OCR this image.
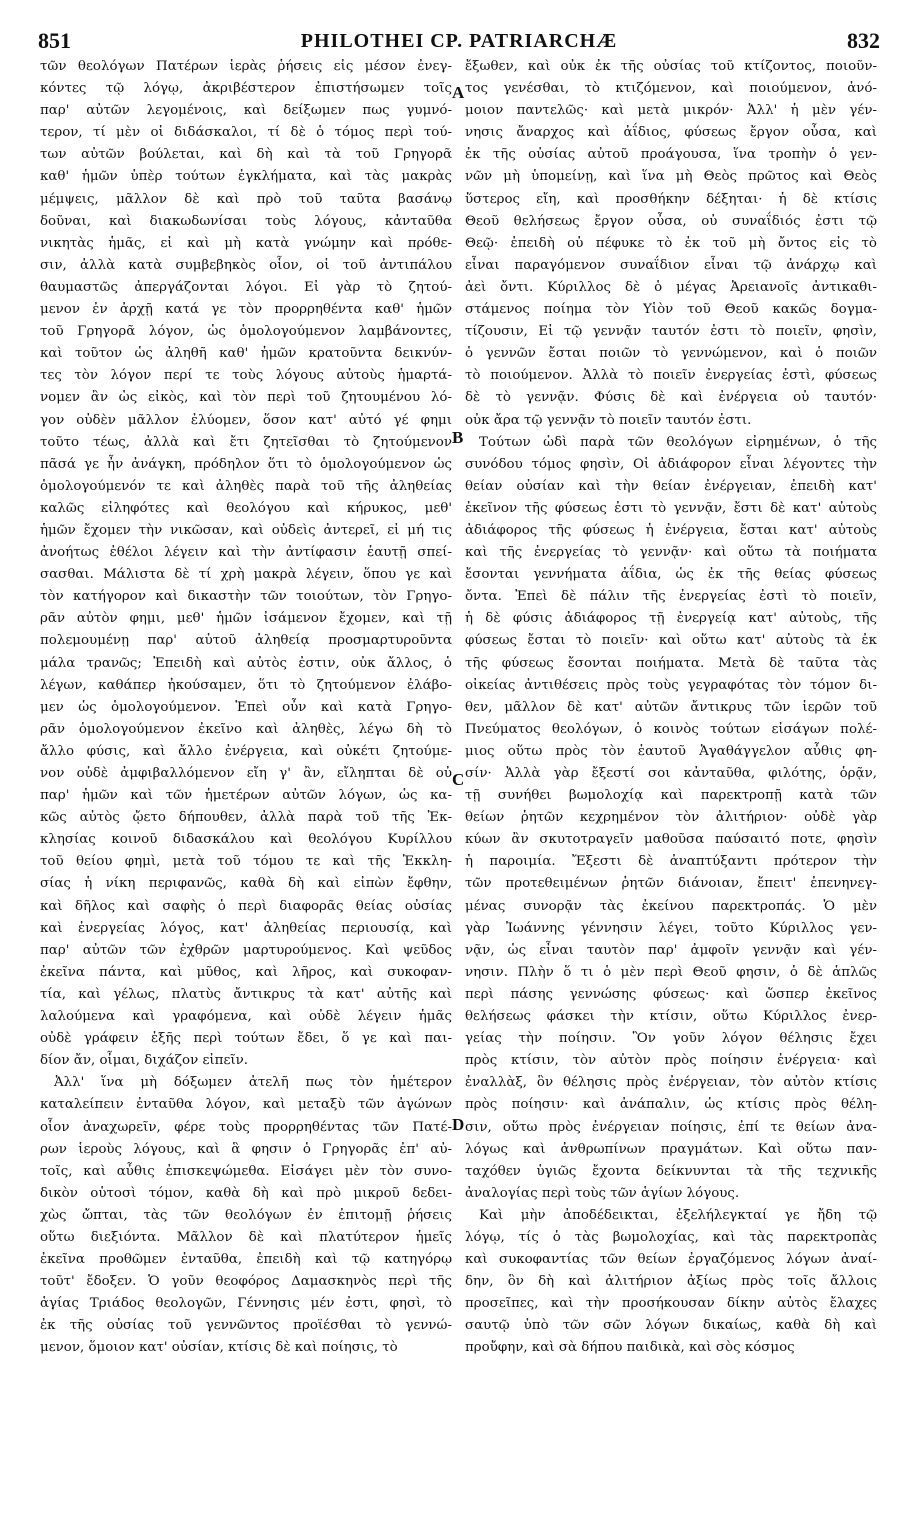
851	PHILOTHEI CP. PATRIARCHÆ	832
τῶν θεολόγων Πατέρων ἱερὰς ῥήσεις εἰς μέσον ἐνεγ-
κόντες τῷ λόγῳ, ἀκριβέστερον ἐπιστήσωμεν τοῖς
παρ' αὐτῶν λεγομένοις, καὶ δείξωμεν πως γυμνό-
τερον, τί μὲν οἱ διδάσκαλοι, τί δὲ ὁ τόμος περὶ τού-
των αὐτῶν βούλεται, καὶ δὴ καὶ τὰ τοῦ Γρηγορᾶ
καθ' ἡμῶν ὑπὲρ τούτων ἐγκλήματα, καὶ τὰς μακρὰς
μέμψεις, μᾶλλον δὲ καὶ πρὸ τοῦ ταῦτα βασάνῳ
δοῦναι, καὶ διακωδωνίσαι τοὺς λόγους, κἀνταῦθα
νικητὰς ἡμᾶς, εἰ καὶ μὴ κατὰ γνώμην καὶ πρόθε-
σιν, ἀλλὰ κατὰ συμβεβηκὸς οἷον, οἱ τοῦ ἀντιπάλου
θαυμαστῶς ἀπεργάζονται λόγοι. Εἰ γὰρ τὸ ζητού-
μενον ἐν ἀρχῇ κατά γε τὸν προρρηθέντα καθ' ἡμῶν
τοῦ Γρηγορᾶ λόγον, ὡς ὁμολογούμενον λαμβάνοντες,
καὶ τοῦτον ὡς ἀληθῆ καθ' ἡμῶν κρατοῦντα δεικνύν-
τες τὸν λόγον περί τε τοὺς λόγους αὐτοὺς ἡμαρτά-
νομεν ἂν ὡς εἰκὸς, καὶ τὸν περὶ τοῦ ζητουμένου λό-
γον οὐδὲν μᾶλλον ἐλύομεν, ὅσον κατ' αὐτό γέ φημι
τοῦτο τέως, ἀλλὰ καὶ ἔτι ζητεῖσθαι τὸ ζητούμενον
πᾶσά γε ἦν ἀνάγκη, πρόδηλον ὅτι τὸ ὁμολογούμενον ὡς
ὁμολογούμενόν τε καὶ ἀληθὲς παρὰ τοῦ τῆς ἀληθείας
καλῶς εἰληφότες καὶ θεολόγου καὶ κήρυκος, μεθ'
ἡμῶν ἔχομεν τὴν νικῶσαν, καὶ οὐδεὶς ἀντερεῖ, εἰ μή τις
ἀνοήτως ἐθέλοι λέγειν καὶ τὴν ἀντίφασιν ἑαυτῇ σπεί-
σασθαι. Μάλιστα δὲ τί χρὴ μακρὰ λέγειν, ὅπου γε καὶ
τὸν κατήγορον καὶ δικαστὴν τῶν τοιούτων, τὸν Γρηγο-
ρᾶν αὐτὸν φημι, μεθ' ἡμῶν ἰσάμενον ἔχομεν, καὶ τῇ
πολεμουμένῃ παρ' αὐτοῦ ἀληθείᾳ προσμαρτυροῦντα
μάλα τρανῶς; Ἐπειδὴ καὶ αὐτὸς ἐστιν, οὐκ ἄλλος, ὁ
λέγων, καθάπερ ἠκούσαμεν, ὅτι τὸ ζητούμενον ἐλάβο-
μεν ὡς ὁμολογούμενον. Ἐπεὶ οὖν καὶ κατὰ Γρηγο-
ρᾶν ὁμολογούμενον ἐκεῖνο καὶ ἀληθὲς, λέγω δὴ τὸ
ἄλλο φύσις, καὶ ἄλλο ἐνέργεια, καὶ οὐκέτι ζητούμε-
νον οὐδὲ ἀμφιβαλλόμενον εἴη γ' ἂν, εἴληπται δὲ οὐ
παρ' ἡμῶν καὶ τῶν ἡμετέρων αὐτῶν λόγων, ὡς κα-
κῶς αὐτὸς ᾤετο δήπουθεν, ἀλλὰ παρὰ τοῦ τῆς Ἐκ-
κλησίας κοινοῦ διδασκάλου καὶ θεολόγου Κυρίλλου
τοῦ θείου φημὶ, μετὰ τοῦ τόμου τε καὶ τῆς Ἐκκλη-
σίας ἡ νίκη περιφανῶς, καθὰ δὴ καὶ εἰπὼν ἔφθην,
καὶ δῆλος καὶ σαφὴς ὁ περὶ διαφορᾶς θείας οὐσίας
καὶ ἐνεργείας λόγος, κατ' ἀληθείας περιουσίᾳ, καὶ
παρ' αὐτῶν τῶν ἐχθρῶν μαρτυρούμενος. Καὶ ψεῦδος
ἐκεῖνα πάντα, καὶ μῦθος, καὶ λῆρος, καὶ συκοφαν-
τία, καὶ γέλως, πλατὺς ἄντικρυς τὰ κατ' αὐτῆς καὶ
λαλούμενα καὶ γραφόμενα, καὶ οὐδὲ λέγειν ἡμᾶς
οὐδὲ γράφειν ἑξῆς περὶ τούτων ἔδει, ὅ γε καὶ παι-
δίον ἄν, οἶμαι, διχάζον εἰπεῖν.
Ἀλλ' ἵνα μὴ δόξωμεν ἀτελῆ πως τὸν ἡμέτερον
καταλείπειν ἐνταῦθα λόγον, καὶ μεταξὺ τῶν ἀγώνων
οἷον ἀναχωρεῖν, φέρε τοὺς προρρηθέντας τῶν Πατέ-
ρων ἱεροὺς λόγους, καὶ ἃ φησιν ὁ Γρηγορᾶς ἐπ' αὐ-
τοῖς, καὶ αὖθις ἐπισκεψώμεθα. Εἰσάγει μὲν τὸν συνο-
δικὸν οὑτοσὶ τόμον, καθὰ δὴ καὶ πρὸ μικροῦ δεδει-
χὼς ὤπται, τὰς τῶν θεολόγων ἐν ἐπιτομῇ ῥήσεις
οὕτω διεξιόντα. Μᾶλλον δὲ καὶ πλατύτερον ἡμεῖς
ἐκεῖνα προθῶμεν ἐνταῦθα, ἐπειδὴ καὶ τῷ κατηγόρῳ
τοῦτ' ἔδοξεν. Ὁ γοῦν θεοφόρος Δαμασκηνὸς περὶ τῆς
ἁγίας Τριάδος θεολογῶν, Γέννησις μέν ἐστι, φησὶ, τὸ
ἐκ τῆς οὐσίας τοῦ γεννῶντος προϊέσθαι τὸ γεννώ-
μενον, ὅμοιον κατ' οὐσίαν, κτίσις δὲ καὶ ποίησις, τὸ
ἔξωθεν, καὶ οὐκ ἐκ τῆς οὐσίας τοῦ κτίζοντος, ποιοῦν-
τος γενέσθαι, τὸ κτιζόμενον, καὶ ποιούμενον, ἀνό-
μοιον παντελῶς· καὶ μετὰ μικρόν· Ἀλλ' ἡ μὲν γέν-
νησις ἄναρχος καὶ ἀΐδιος, φύσεως ἔργον οὖσα, καὶ
ἐκ τῆς οὐσίας αὐτοῦ προάγουσα, ἵνα τροπὴν ὁ γεν-
νῶν μὴ ὑπομείνῃ, καὶ ἵνα μὴ Θεὸς πρῶτος καὶ Θεὸς
ὕστερος εἴη, καὶ προσθήκην δέξηται· ἡ δὲ κτίσις
Θεοῦ θελήσεως ἔργον οὖσα, οὐ συναΐδιός ἐστι τῷ
Θεῷ· ἐπειδὴ οὐ πέφυκε τὸ ἐκ τοῦ μὴ ὄντος εἰς τὸ
εἶναι παραγόμενον συναΐδιον εἶναι τῷ ἀνάρχῳ καὶ
ἀεὶ ὄντι. Κύριλλος δὲ ὁ μέγας Ἀρειανοῖς ἀντικαθι-
στάμενος ποίημα τὸν Υἱὸν τοῦ Θεοῦ κακῶς δογμα-
τίζουσιν, Εἰ τῷ γεννᾷν ταυτόν ἐστι τὸ ποιεῖν, φησὶν,
ὁ γεννῶν ἔσται ποιῶν τὸ γεννώμενον, καὶ ὁ ποιῶν
τὸ ποιούμενον. Ἀλλὰ τὸ ποιεῖν ἐνεργείας ἐστὶ, φύσεως
δὲ τὸ γεννᾷν. Φύσις δὲ καὶ ἐνέργεια οὐ ταυτόν·
οὐκ ἄρα τῷ γεννᾷν τὸ ποιεῖν ταυτόν ἐστι.
Τούτων ὡδὶ παρὰ τῶν θεολόγων εἰρημένων, ὁ τῆς
συνόδου τόμος φησὶν, Οἱ ἀδιάφορον εἶναι λέγοντες τὴν
θείαν οὐσίαν καὶ τὴν θείαν ἐνέργειαν, ἐπειδὴ κατ'
ἐκεῖνον τῆς φύσεως ἐστι τὸ γεννᾷν, ἔστι δὲ κατ' αὐτοὺς
ἀδιάφορος τῆς φύσεως ἡ ἐνέργεια, ἔσται κατ' αὐτοὺς
καὶ τῆς ἐνεργείας τὸ γεννᾷν· καὶ οὕτω τὰ ποιήματα
ἔσονται γεννήματα ἀΐδια, ὡς ἐκ τῆς θείας φύσεως
ὄντα. Ἐπεὶ δὲ πάλιν τῆς ἐνεργείας ἐστὶ τὸ ποιεῖν,
ἡ δὲ φύσις ἀδιάφορος τῇ ἐνεργείᾳ κατ' αὐτοὺς, τῆς
φύσεως ἔσται τὸ ποιεῖν· καὶ οὕτω κατ' αὐτοὺς τὰ ἐκ
τῆς φύσεως ἔσονται ποιήματα. Μετὰ δὲ ταῦτα τὰς
οἰκείας ἀντιθέσεις πρὸς τοὺς γεγραφότας τὸν τόμον δι-
θεν, μᾶλλον δὲ κατ' αὐτῶν ἄντικρυς τῶν ἱερῶν τοῦ
Πνεύματος θεολόγων, ὁ κοινὸς τούτων εἰσάγων πολέ-
μιος οὕτω πρὸς τὸν ἑαυτοῦ Ἀγαθάγγελον αὖθις φη-
σίν· Ἀλλὰ γὰρ ἔξεστί σοι κἀνταῦθα, φιλότης, ὁρᾷν,
τῇ συνήθει βωμολοχίᾳ καὶ παρεκτροπῇ κατὰ τῶν
θείων ῥητῶν κεχρημένον τὸν ἀλιτήριον· οὐδὲ γὰρ
κύων ἂν σκυτοτραγεῖν μαθοῦσα παύσαιτό ποτε, φησὶν
ἡ παροιμία. Ἔξεστι δὲ ἀναπτύξαντι πρότερον τὴν
τῶν προτεθειμένων ῥητῶν διάνοιαν, ἔπειτ' ἐπενηνεγ-
μένας συνορᾷν τὰς ἐκείνου παρεκτροπάς. Ὁ μὲν
γὰρ Ἰωάννης γέννησιν λέγει, τοῦτο Κύριλλος γεν-
νᾷν, ὡς εἶναι ταυτὸν παρ' ἀμφοῖν γεννᾷν καὶ γέν-
νησιν. Πλὴν ὅ τι ὁ μὲν περὶ Θεοῦ φησιν, ὁ δὲ ἁπλῶς
περὶ πάσης γεννώσης φύσεως· καὶ ὥσπερ ἐκεῖνος
θελήσεως φάσκει τὴν κτίσιν, οὕτω Κύριλλος ἐνερ-
γείας τὴν ποίησιν. Ὃν γοῦν λόγον θέλησις ἔχει
πρὸς κτίσιν, τὸν αὐτὸν πρὸς ποίησιν ἐνέργεια· καὶ
ἐναλλὰξ, ὃν θέλησις πρὸς ἐνέργειαν, τὸν αὐτὸν κτίσις
πρὸς ποίησιν· καὶ ἀνάπαλιν, ὡς κτίσις πρὸς θέλη-
σιν, οὕτω πρὸς ἐνέργειαν ποίησις, ἐπί τε θείων ἀνα-
λόγως καὶ ἀνθρωπίνων πραγμάτων. Καὶ οὕτω παν-
ταχόθεν ὑγιῶς ἔχοντα δείκνυνται τὰ τῆς τεχνικῆς
ἀναλογίας περὶ τοὺς τῶν ἁγίων λόγους.
Καὶ μὴν ἀποδέδεικται, ἐξελήλεγκταί γε ἤδη τῷ
λόγῳ, τίς ὁ τὰς βωμολοχίας, καὶ τὰς παρεκτροπὰς
καὶ συκοφαντίας τῶν θείων ἐργαζόμενος λόγων ἀναί-
δην, ὃν δὴ καὶ ἀλιτήριον ἀξίως πρὸς τοῖς ἄλλοις
προσεῖπες, καὶ τὴν προσήκουσαν δίκην αὐτὸς ἔλαχες
σαυτῷ ὑπὸ τῶν σῶν λόγων δικαίως, καθὰ δὴ καὶ
προὔφην, καὶ σὰ δήπου παιδικὰ, καὶ σὸς κόσμος
A
B
C
D
